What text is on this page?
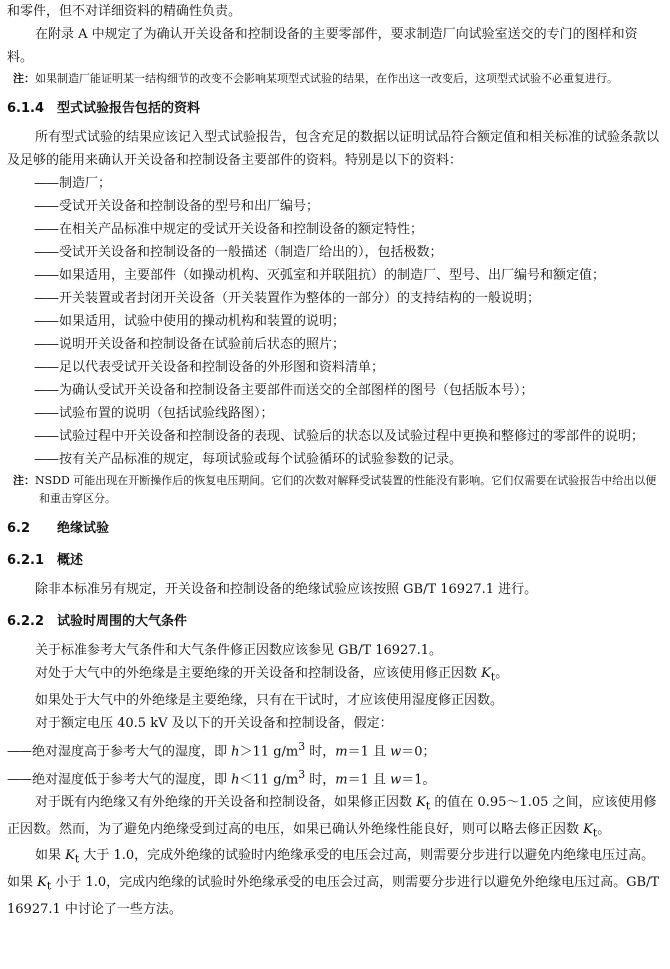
和零件，但不对详细资料的精确性负责。

在附录 A 中规定了为确认开关设备和控制设备的主要零部件，要求制造厂向试验室送交的专门的图样和资料。

注：如果制造厂能证明某一结构细节的改变不会影响某项型式试验的结果，在作出这一改变后，这项型式试验不必重复进行。

6.1.4 型式试验报告包括的资料

所有型式试验的结果应该记入型式试验报告，包含充足的数据以证明试品符合额定值和相关标准的试验条款以及足够的能用来确认开关设备和控制设备主要部件的资料。特别是以下的资料：

—— 制造厂；
—— 受试开关设备和控制设备的型号和出厂编号；
—— 在相关产品标准中规定的受试开关设备和控制设备的额定特性；
—— 受试开关设备和控制设备的一般描述（制造厂给出的），包括极数；
—— 如果适用，主要部件（如操动机构、灭弧室和并联阻抗）的制造厂、型号、出厂编号和额定值；
—— 开关装置或者封闭开关设备（开关装置作为整体的一部分）的支持结构的一般说明；
—— 如果适用，试验中使用的操动机构和装置的说明；
—— 说明开关设备和控制设备在试验前后状态的照片；
—— 足以代表受试开关设备和控制设备的外形图和资料清单；
—— 为确认受试开关设备和控制设备主要部件而送交的全部图样的图号（包括版本号）；
—— 试验布置的说明（包括试验线路图）；
—— 试验过程中开关设备和控制设备的表现、试验后的状态以及试验过程中更换和整修过的零部件的说明；
—— 按有关产品标准的规定，每项试验或每个试验循环的试验参数的记录。

注：NSDD 可能出现在开断操作后的恢复电压期间。它们的次数对解释受试装置的性能没有影响。它们仅需要在试验报告中给出以便和重击穿区分。

6.2 绝缘试验
6.2.1 概述

除非本标准另有规定，开关设备和控制设备的绝缘试验应该按照 GB/T 16927.1 进行。

6.2.2 试验时周围的大气条件

关于标准参考大气条件和大气条件修正因数应该参见 GB/T 16927.1。

对处于大气中的外绝缘是主要绝缘的开关设备和控制设备，应该使用修正因数 $K_t$。

如果处于大气中的外绝缘是主要绝缘，只有在干试时，才应该使用湿度修正因数。

对于额定电压 40.5 kV 及以下的开关设备和控制设备，假定：

—— 绝对湿度高于参考大气的湿度，即 h＞11 $g/m^3$ 时，m＝1 且 w＝0；
—— 绝对湿度低于参考大气的湿度，即 h＜11 $g/m^3$ 时，m＝1 且 w＝1。

对于既有内绝缘又有外绝缘的开关设备和控制设备，如果修正因数 $K_t$ 的值在 0.95～1.05 之间，应该使用修正因数。然而，为了避免内绝缘受到过高的电压，如果已确认外绝缘性能良好，则可以略去修正因数 $K_t$。

如果 $K_t$ 大于 1.0，完成外绝缘的试验时内绝缘承受的电压会过高，则需要分步进行以避免内绝缘电压过高。如果 $K_t$ 小于 1.0，完成内绝缘的试验时外绝缘承受的电压会过高，则需要分步进行以避免外绝缘电压过高。GB/T 16927.1 中讨论了一些方法。
